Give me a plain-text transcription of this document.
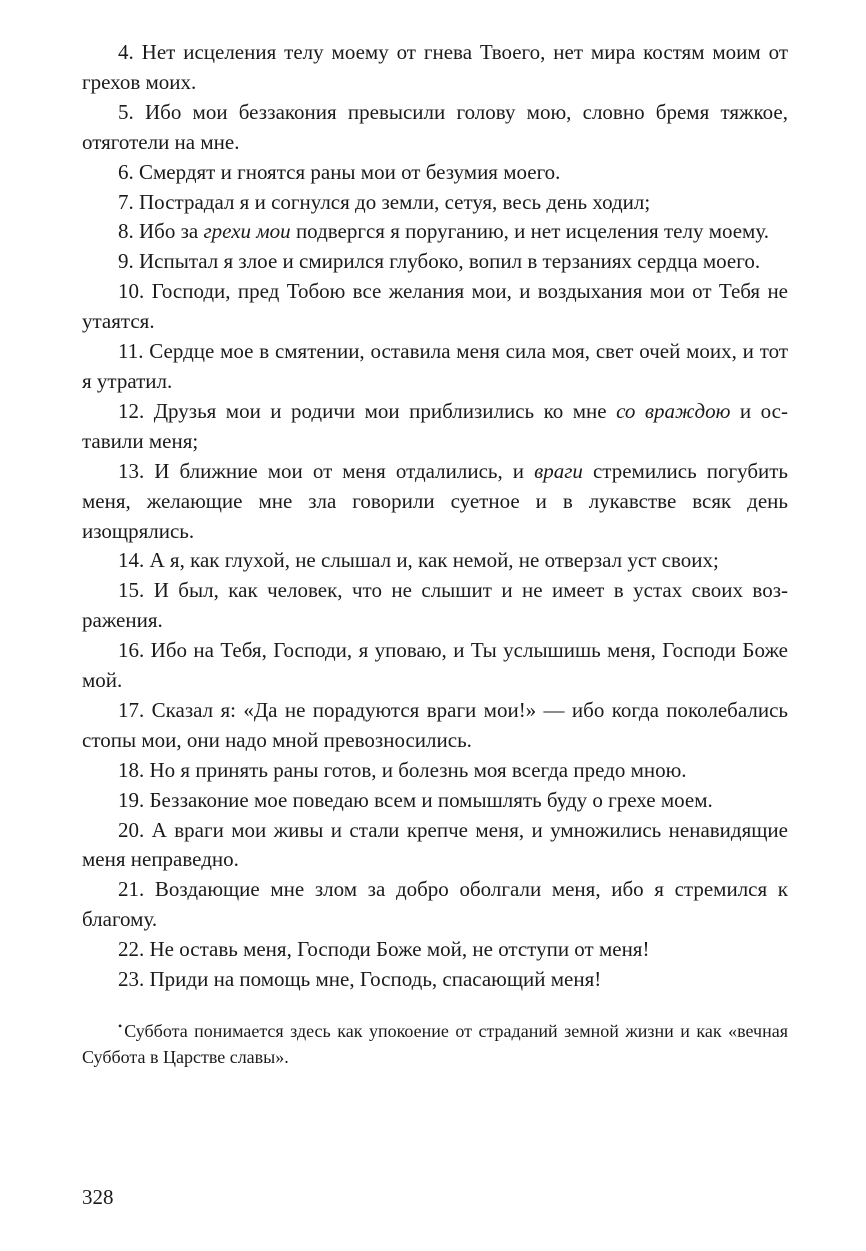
4. Нет исцеления телу моему от гнева Твоего, нет мира костям моим от грехов моих.

5. Ибо мои беззакония превысили голову мою, словно бремя тяжкое, отяготели на мне.

6. Смердят и гноятся раны мои от безумия моего.

7. Пострадал я и согнулся до земли, сетуя, весь день ходил;

8. Ибо за грехи мои подвергся я поруганию, и нет исцеления телу моему.

9. Испытал я злое и смирился глубоко, вопил в терзаниях сердца моего.

10. Господи, пред Тобою все желания мои, и воздыхания мои от Тебя не утаятся.

11. Сердце мое в смятении, оставила меня сила моя, свет очей моих, и тот я утратил.

12. Друзья мои и родичи мои приблизились ко мне со враждою и оставили меня;

13. И ближние мои от меня отдалились, и враги стремились погубить меня, желающие мне зла говорили суетное и в лукавстве всяк день изощрялись.

14. А я, как глухой, не слышал и, как немой, не отверзал уст своих;

15. И был, как человек, что не слышит и не имеет в устах своих возражения.

16. Ибо на Тебя, Господи, я уповаю, и Ты услышишь меня, Господи Боже мой.

17. Сказал я: «Да не порадуются враги мои!» — ибо когда поколебались стопы мои, они надо мной превозносились.

18. Но я принять раны готов, и болезнь моя всегда предо мною.

19. Беззаконие мое поведаю всем и помышлять буду о грехе моем.

20. А враги мои живы и стали крепче меня, и умножились ненавидящие меня неправедно.

21. Воздающие мне злом за добро оболгали меня, ибо я стремился к благому.

22. Не оставь меня, Господи Боже мой, не отступи от меня!

23. Приди на помощь мне, Господь, спасающий меня!

• Суббота понимается здесь как упокоение от страданий земной жизни и как «вечная Суббота в Царстве славы».
328
